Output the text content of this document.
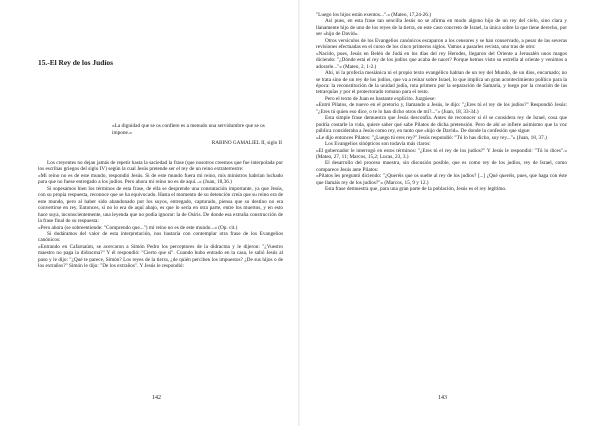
15.-El Rey de los Judíos

«La dignidad que se os confiere es a menudo una servidumbre que se os impone.»

RABINO GAMALIEL II, siglo II

Los creyentes no dejan jamás de repetir hasta la saciedad la frase (que nosotros creemos que fue interpolada por los escribas griegos del siglo IV) según la cual Jesús pretende ser el rey de un reino extraterrestre:

«Mi reino no es de este mundo, respondió Jesús. Si de este mundo fuera mi reino, mis ministros habrían luchado para que no fuese entregado a los judíos. Pero ahora mi reino no es de aquí...» (Juan, 18,36.)

Si sopesamos bien los términos de esta frase, de ella se desprende una constatación importante, ya que Jesús, con su propia respuesta, reconoce que se ha equivocado. Hasta el momento de su detención creía que su reino era de este mundo, pero al haber sido abandonado por los suyos, entregado, capturado, piensa que su destino no era convertirse en rey. Entonces, si no lo era de aquí abajo, es que lo sería en otra parte, entre los muertos, y en esto hace suya, inconscientemente, una leyenda que no podía ignorar: la de Osiris. De donde esa extraña construcción de la frase final de su respuesta:

«Pero ahora (se sobreentiende: "Comprendo que...") mi reino no es de este mundo...» (Op. cit.)

Si dudáramos del valor de esta interpretación, nos bastaría con contemplar otra frase de los Evangelios canónicos:

«Entrando en Cafarnaúm, se acercaron a Simón Pedro los perceptores de la didracma y le dijeron: "¿Vuestro maestro no paga la didracma?" Y él respondió: "Cierto que sí". Cuando hubo entrado en la casa, le salió Jesús al paso y le dijo: "¿Qué te parece, Simón? Los reyes de la tierra, ¿de quién perciben los impuestos? ¿De sus hijos o de los extraños?" Simón le dijo: "De los extraños". Y Jesús le respondió:

142

"Luego los hijos están exentos...".» (Mateo, 17,24-26.)

Así pues, en esta frase tan sencilla Jesús no se afirma en modo alguno hijo de un rey del cielo, sino clara y llanamente hijo de uno de los reyes de la tierra, en este caso concreto de Israel, la única sobre la que tiene derecho, por ser «hijo de David».

Otros versículos de los Evangelios canónicos escaparon a los censores y se han conservado, a pesar de las severas revisiones efectuadas en el curso de los cinco primeros siglos. Vamos a pasarles revista, uno tras de otro:

«Nacido, pues, Jesús en Belén de Judá en los días del rey Herodes, llegaron del Oriente a Jerusalén unos magos diciendo: "¿Dónde está el rey de los judíos que acaba de nacer? Porque hemos visto su estrella al oriente y venimos a adorarle..."» (Mateo, 2, 1-2.)

Ahí, ni la profecía mesiánica ni el propio texto evangélico hablan de un rey del Mundo, de un dios, encarnado; no se trata sino de un rey de los judíos, que va a reinar sobre Israel, lo que implica un gran acontecimiento político para la época: la reconstitución de la unidad judía, rota primero por la separación de Samaría, y luego por la creación de las tetrarquías y por el protectorado romano para el resto.

Pero el texto de Juan es bastante explícito. Juzgúese:

«Entró Pilatos, de nuevo en el pretorio y, llamando a Jesús, le dijo: "¿Eres tú el rey de los judíos?" Respondió Jesús: "¿Eres tú quien eso dice, o te lo han dicho otros de mí?..."» (Juan, 18, 33-34.)

Esta simple frase demuestra que Jesús desconfía. Antes de reconocer si él se considera rey de Israel, cosa que podría costarle la vida, quiere saber qué sabe Pilatos de dicha pretensión. Pero de ahí se infiere asimismo que la voz pública consideraba a Jesús como rey, en tanto que «hijo de David». De donde la confesión que sigue:

«Le dijo entonces Pilatos: "¿Luego tú eres rey?" Jesús respondió: "Tú lo has dicho, soy rey..."» (Juan, 18, 37.)

Los Evangelios sinópticos son todavía más claros:

«El gobernador le interrogó en estos términos: "¿Eres tú el rey de los judíos?" Y Jesús le respondió: "Tú lo dices".» (Mateo, 27, 11; Marcos, 15,2; Lucas, 23, 3.)

El desarrollo del proceso muestra, sin discusión posible, que es como rey de los judíos, rey de Israel, como comparece Jesús ante Pilatos:

«Pilatos les preguntó diciendo: "¿Queréis que os suelte al rey de los judíos? [...] ¿Qué queréis, pues, que haga con éste que llamáis rey de los judíos?"» (Marcos, 15, 9 y 12.)

Esta frase demuestra que, para una gran parte de la población, Jesús es el rey legítimo.

143
